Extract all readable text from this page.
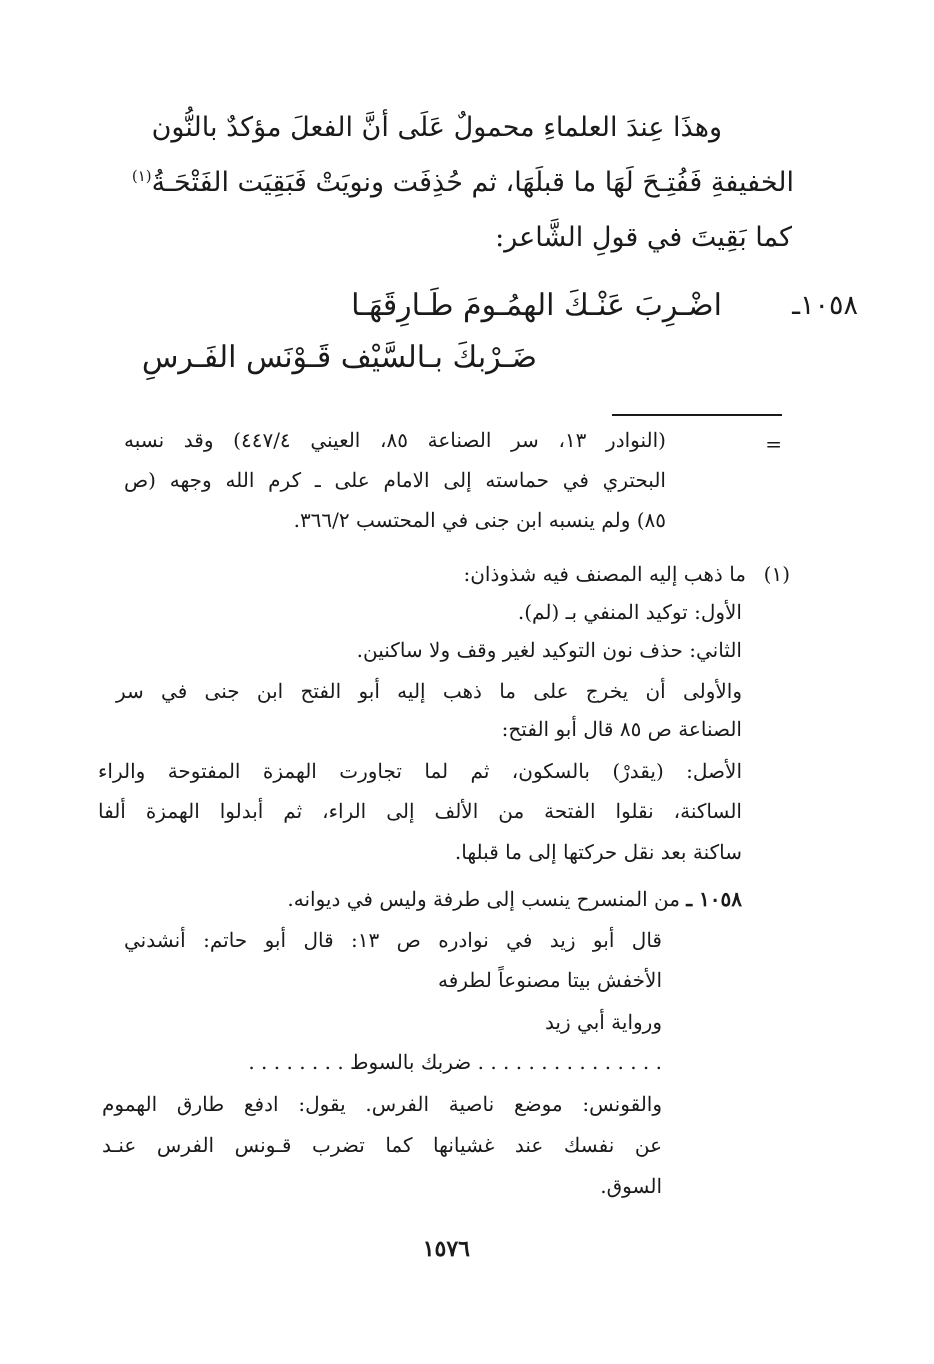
وهذَا عِندَ العلماءِ محمولٌ عَلَى أنَّ الفعلَ مؤكدٌ بالنُّون
الخفيفةِ فَفُتِـحَ لَهَا ما قبلَهَا، ثم حُذِفَت ونويَتْ فَبَقِيَت الفَتْحَـةُ$^{(١)}$
كما بَقِيتَ في قولِ الشَّاعر:
١٠٥٨ـ
اضْـرِبَ عَنْـكَ الهمُـومَ طَـارِقَهَـا
ضَـرْبكَ بـالسَّيْف قَـوْنَس الفَـرسِ
=
(النوادر ١٣، سر الصناعة ٨٥، العيني ٤٤٧/٤) وقد نسبه
البحتري في حماسته إلى الامام على ـ كرم الله وجهه (ص
٨٥) ولم ينسبه ابن جنى في المحتسب ٣٦٦/٢.
(١)
ما ذهب إليه المصنف فيه شذوذان:
الأول: توكيد المنفي بـ (لم).
الثاني: حذف نون التوكيد لغير وقف ولا ساكنين.
والأولى أن يخرج على ما ذهب إليه أبو الفتح ابن جنى في سر
الصناعة ص ٨٥ قال أبو الفتح:
الأصل: (يقدرْ) بالسكون، ثم لما تجاورت الهمزة المفتوحة والراء
الساكنة، نقلوا الفتحة من الألف إلى الراء، ثم أبدلوا الهمزة ألفا
ساكنة بعد نقل حركتها إلى ما قبلها.
١٠٥٨ ـ
من المنسرح ينسب إلى طرفة وليس في ديوانه.
قال أبو زيد في نوادره ص ١٣: قال أبو حاتم: أنشدني
الأخفش بيتا مصنوعاً لطرفه
ورواية أبي زيد
. . . . . . . . . . . . . . . ضربك بالسوط . . . . . . . .
والقونس: موضع ناصية الفرس. يقول: ادفع طارق الهموم
عن نفسك عند غشيانها كما تضرب قـونس الفرس عنـد
السوق.
١٥٧٦
